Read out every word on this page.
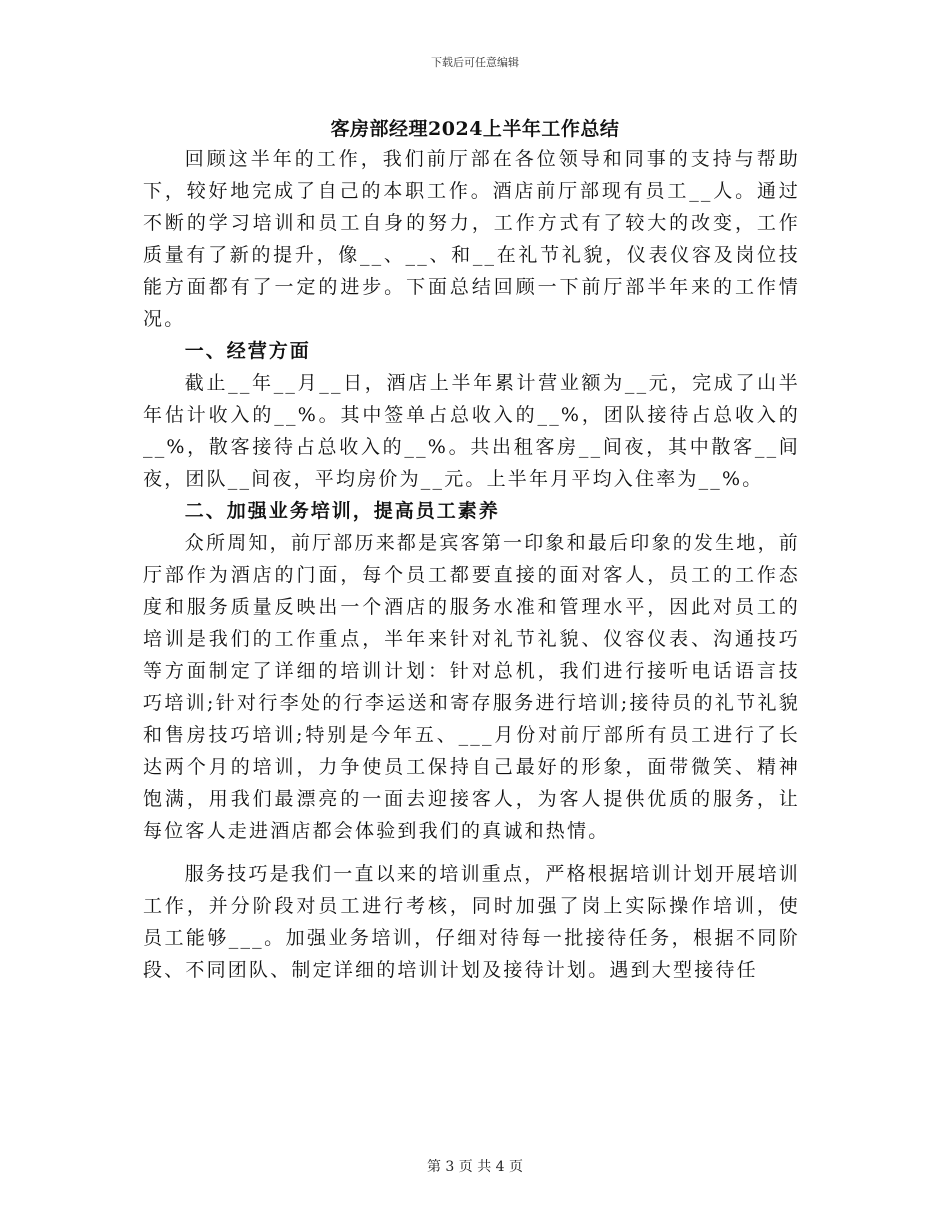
下载后可任意编辑
客房部经理2024上半年工作总结

回顾这半年的工作，我们前厅部在各位领导和同事的支持与帮助下，较好地完成了自己的本职工作。酒店前厅部现有员工__人。通过不断的学习培训和员工自身的努力，工作方式有了较大的改变，工作质量有了新的提升，像__、__、和__在礼节礼貌，仪表仪容及岗位技能方面都有了一定的进步。下面总结回顾一下前厅部半年来的工作情况。

一、经营方面

截止__年__月__日，酒店上半年累计营业额为__元，完成了山半年估计收入的__%。其中签单占总收入的__%，团队接待占总收入的__%，散客接待占总收入的__%。共出租客房__间夜，其中散客__间夜，团队__间夜，平均房价为__元。上半年月平均入住率为__%。

二、加强业务培训，提高员工素养

众所周知，前厅部历来都是宾客第一印象和最后印象的发生地，前厅部作为酒店的门面，每个员工都要直接的面对客人，员工的工作态度和服务质量反映出一个酒店的服务水准和管理水平，因此对员工的培训是我们的工作重点，半年来针对礼节礼貌、仪容仪表、沟通技巧等方面制定了详细的培训计划：针对总机，我们进行接听电话语言技巧培训;针对行李处的行李运送和寄存服务进行培训;接待员的礼节礼貌和售房技巧培训;特别是今年五、___月份对前厅部所有员工进行了长达两个月的培训，力争使员工保持自己最好的形象，面带微笑、精神饱满，用我们最漂亮的一面去迎接客人，为客人提供优质的服务，让每位客人走进酒店都会体验到我们的真诚和热情。

服务技巧是我们一直以来的培训重点，严格根据培训计划开展培训工作，并分阶段对员工进行考核，同时加强了岗上实际操作培训，使员工能够___。加强业务培训，仔细对待每一批接待任务，根据不同阶段、不同团队、制定详细的培训计划及接待计划。遇到大型接待任

第 3 页 共 4 页
